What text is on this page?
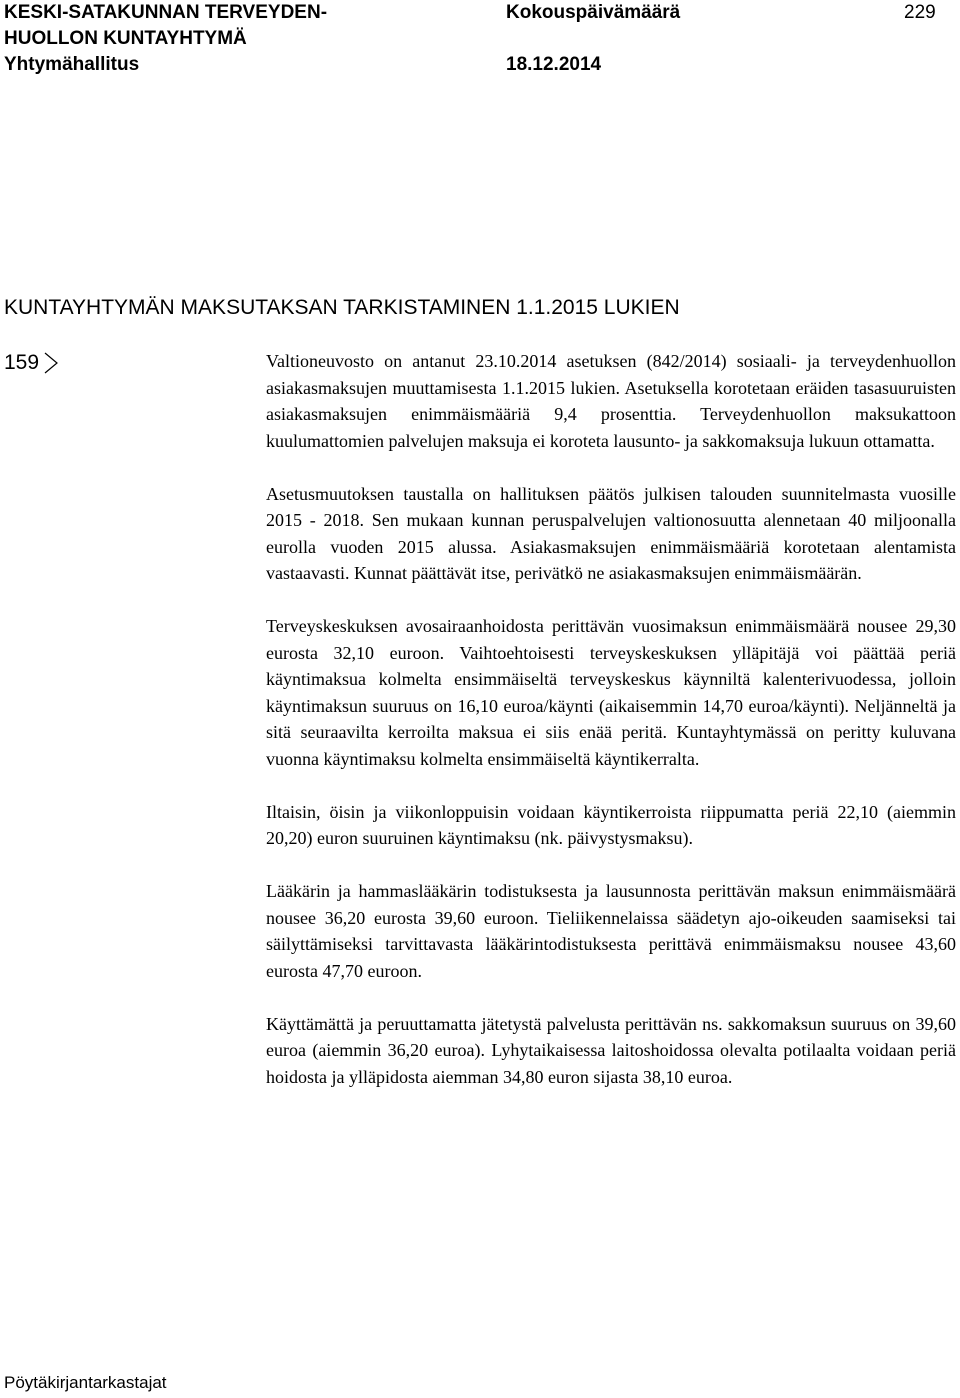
KESKI-SATAKUNNAN TERVEYDEN-
HUOLLON KUNTAYHTYMÄ
Yhtymähallitus
Kokouspäivämäärä
18.12.2014
229
KUNTAYHTYMÄN MAKSUTAKSAN TARKISTAMINEN 1.1.2015 LUKIEN
159	Valtioneuvosto on antanut 23.10.2014 asetuksen (842/2014) sosiaali- ja terveydenhuollon asiakasmaksujen muuttamisesta 1.1.2015 lukien. Asetuksella korotetaan eräiden tasasuuruisten asiakasmaksujen enimmäismääriä 9,4 prosenttia. Terveydenhuollon maksukattoon kuulumattomien palvelujen maksuja ei koroteta lausunto- ja sakkomaksuja lukuun ottamatta.

Asetusmuutoksen taustalla on hallituksen päätös julkisen talouden suunnitelmasta vuosille 2015 - 2018. Sen mukaan kunnan peruspalvelujen valtionosuutta alennetaan 40 miljoonalla eurolla vuoden 2015 alussa. Asiakasmaksujen enimmäismääriä korotetaan alentamista vastaavasti. Kunnat päättävät itse, perivätkö ne asiakasmaksujen enimmäismäärän.

Terveyskeskuksen avosairaanhoidosta perittävän vuosimaksun enimmäismäärä nousee 29,30 eurosta 32,10 euroon. Vaihtoehtoisesti terveyskeskuksen ylläpitäjä voi päättää periä käyntimaksua kolmelta ensimmäiseltä terveyskeskus käynniltä kalenterivuodessa, jolloin käyntimaksun suuruus on 16,10 euroa/käynti (aikaisemmin 14,70 euroa/käynti). Neljänneltä ja sitä seuraavilta kerroilta maksua ei siis enää peritä. Kuntayhtymässä on peritty kuluvana vuonna käyntimaksu kolmelta ensimmäiseltä käyntikerralta.

Iltaisin, öisin ja viikonloppuisin voidaan käyntikerroista riippumatta periä 22,10 (aiemmin 20,20) euron suuruinen käyntimaksu (nk. päivystysmaksu).

Lääkärin ja hammaslääkärin todistuksesta ja lausunnosta perittävän maksun enimmäismäärä nousee 36,20 eurosta 39,60 euroon. Tieliikennelaissa säädetyn ajo-oikeuden saamiseksi tai säilyttämiseksi tarvittavasta lääkärintodistuksesta perittävä enimmäismaksu nousee 43,60 eurosta 47,70 euroon.

Käyttämättä ja peruuttamatta jätetystä palvelusta perittävän ns. sakkomaksun suuruus on 39,60 euroa (aiemmin 36,20 euroa). Lyhytaikaisessa laitoshoidossa olevalta potilaalta voidaan periä hoidosta ja ylläpidosta aiemman 34,80 euron sijasta 38,10 euroa.

Pöytäkirjantarkastajat
